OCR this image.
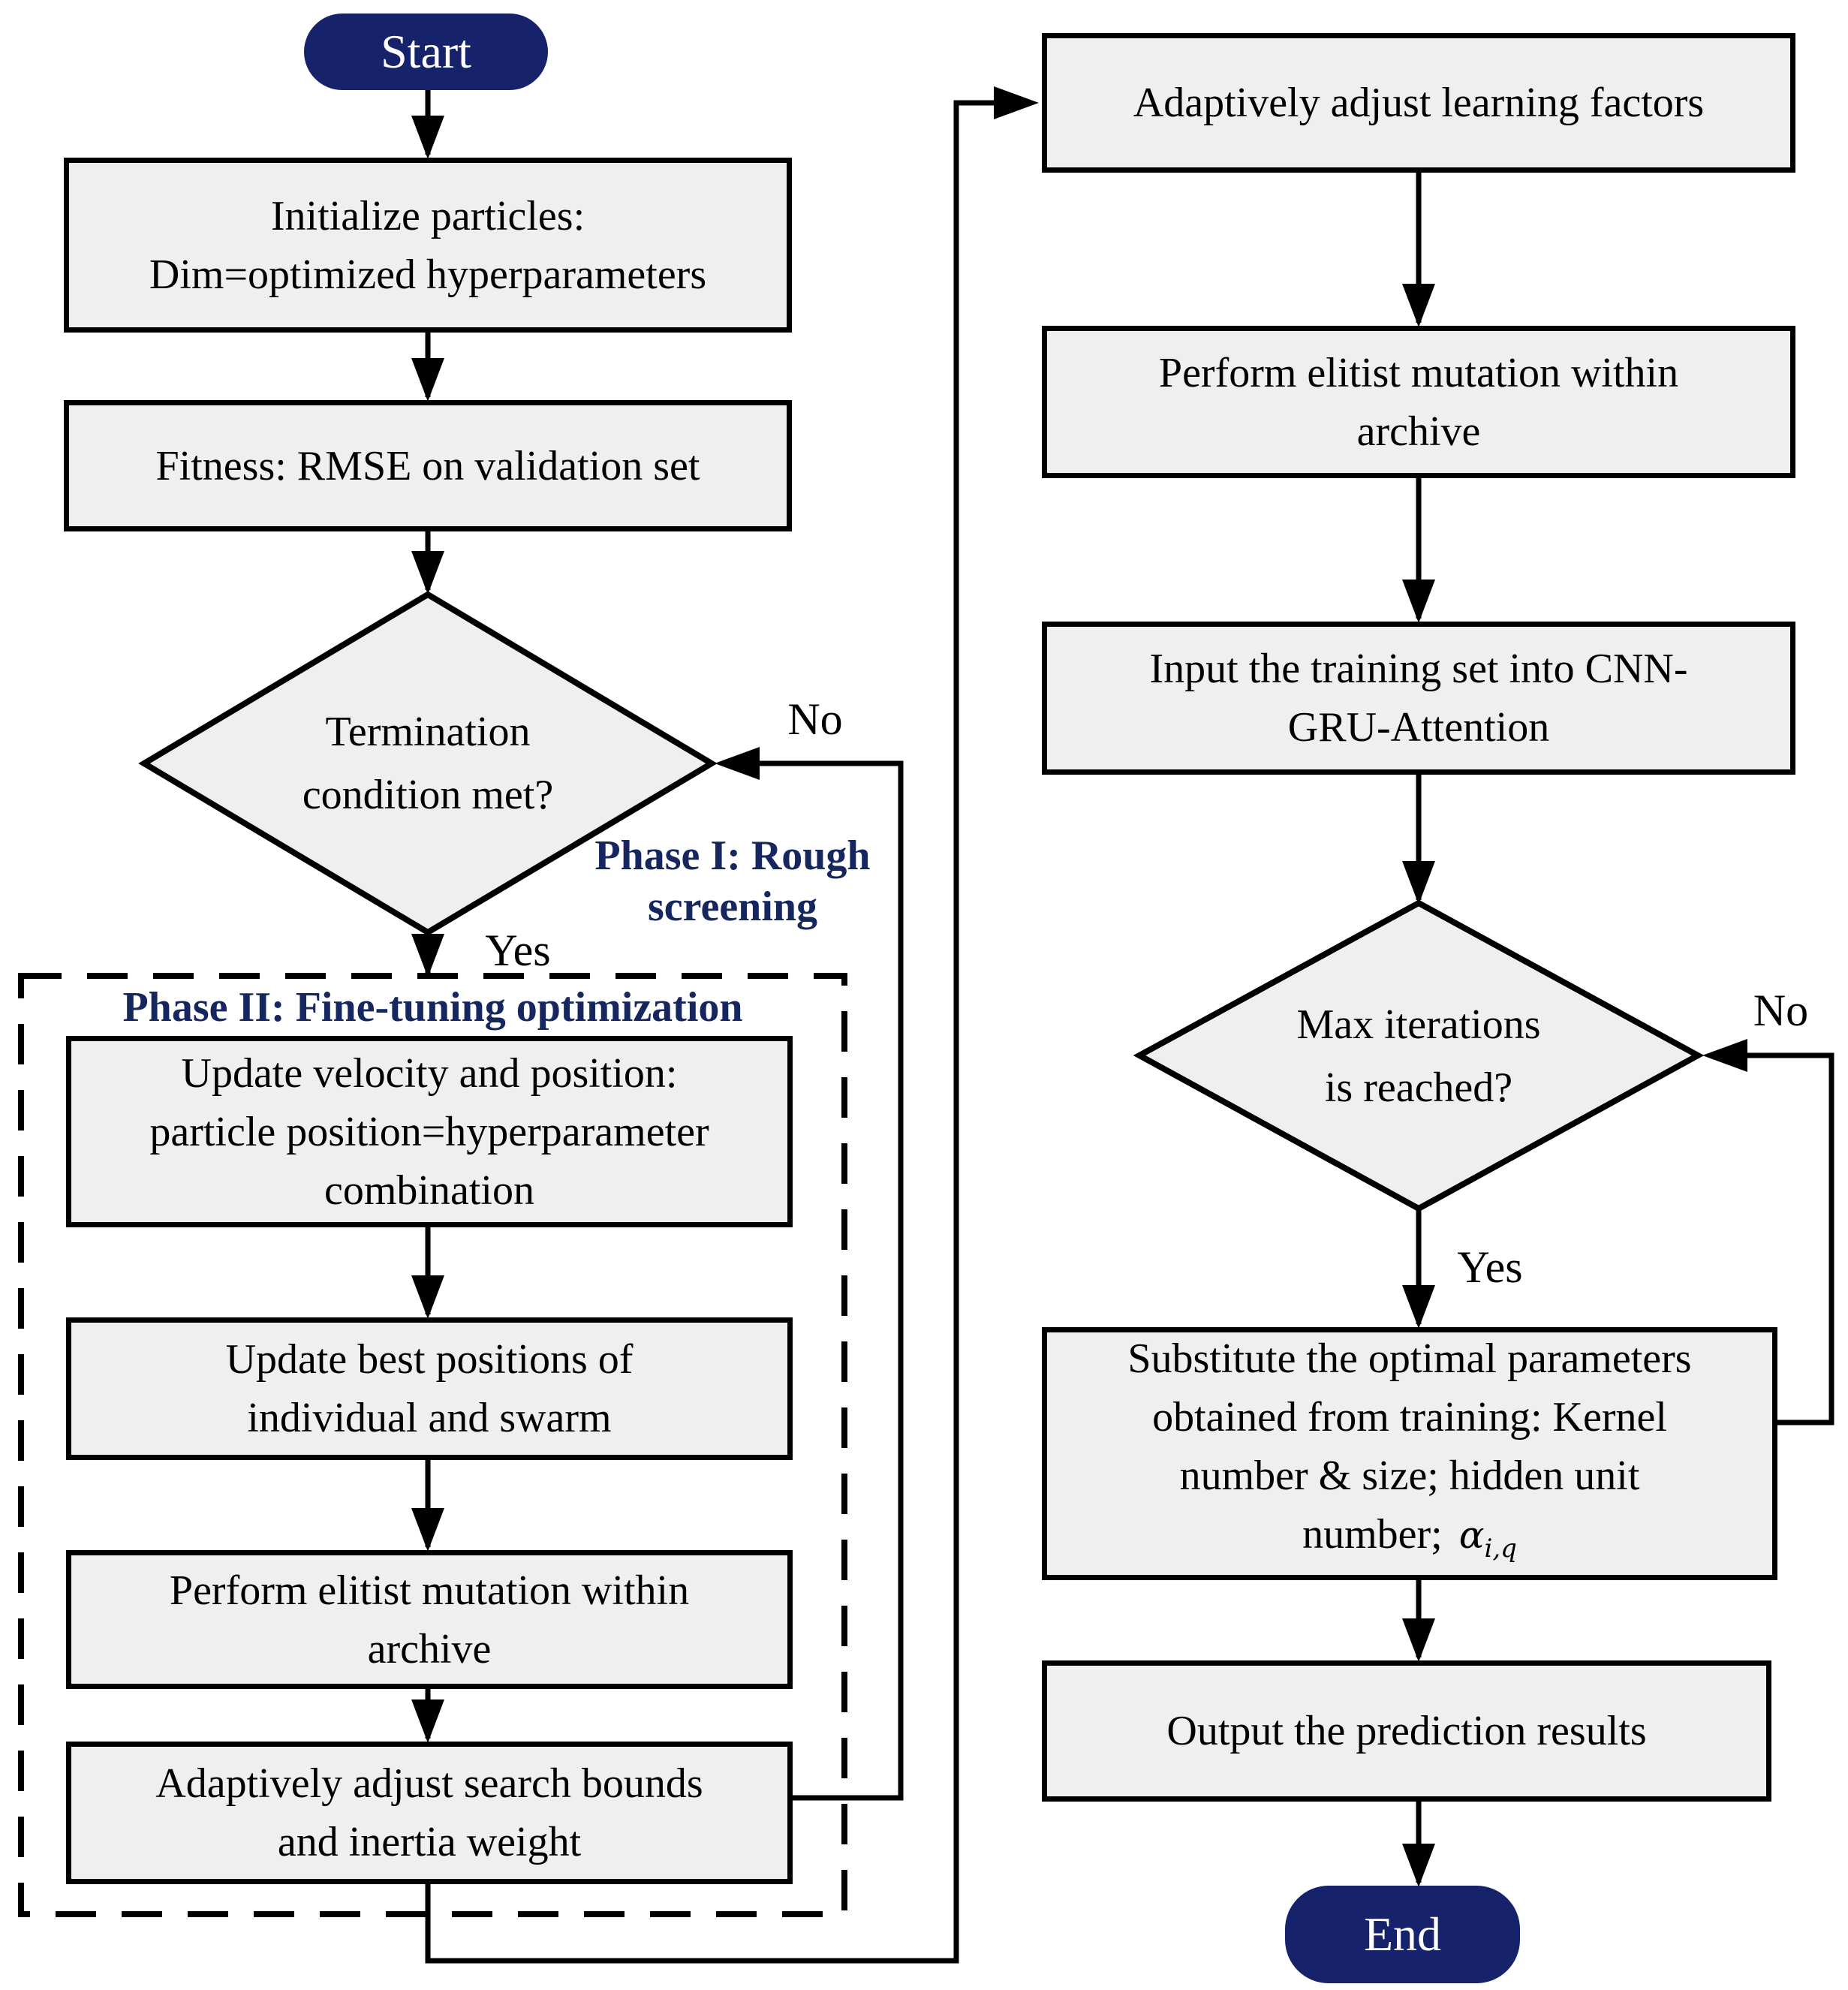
Start
End
Initialize particles:
Dim=optimized hyperparameters
Fitness: RMSE on validation set
Termination
condition met?
Update velocity and position:
particle position=hyperparameter
combination
Update best positions of
individual and swarm
Perform elitist mutation within
archive
Adaptively adjust search bounds
and inertia weight
Adaptively adjust learning factors
Perform elitist mutation within
archive
Input the training set into CNN-
GRU-Attention
Max iterations
is reached?
Substitute the optimal parameters
obtained from training: Kernel
number & size; hidden unit
number; $\alpha_{i,q}$
Output the prediction results
Phase I: Rough
screening
Phase II: Fine-tuning optimization
Yes
No
Yes
No
